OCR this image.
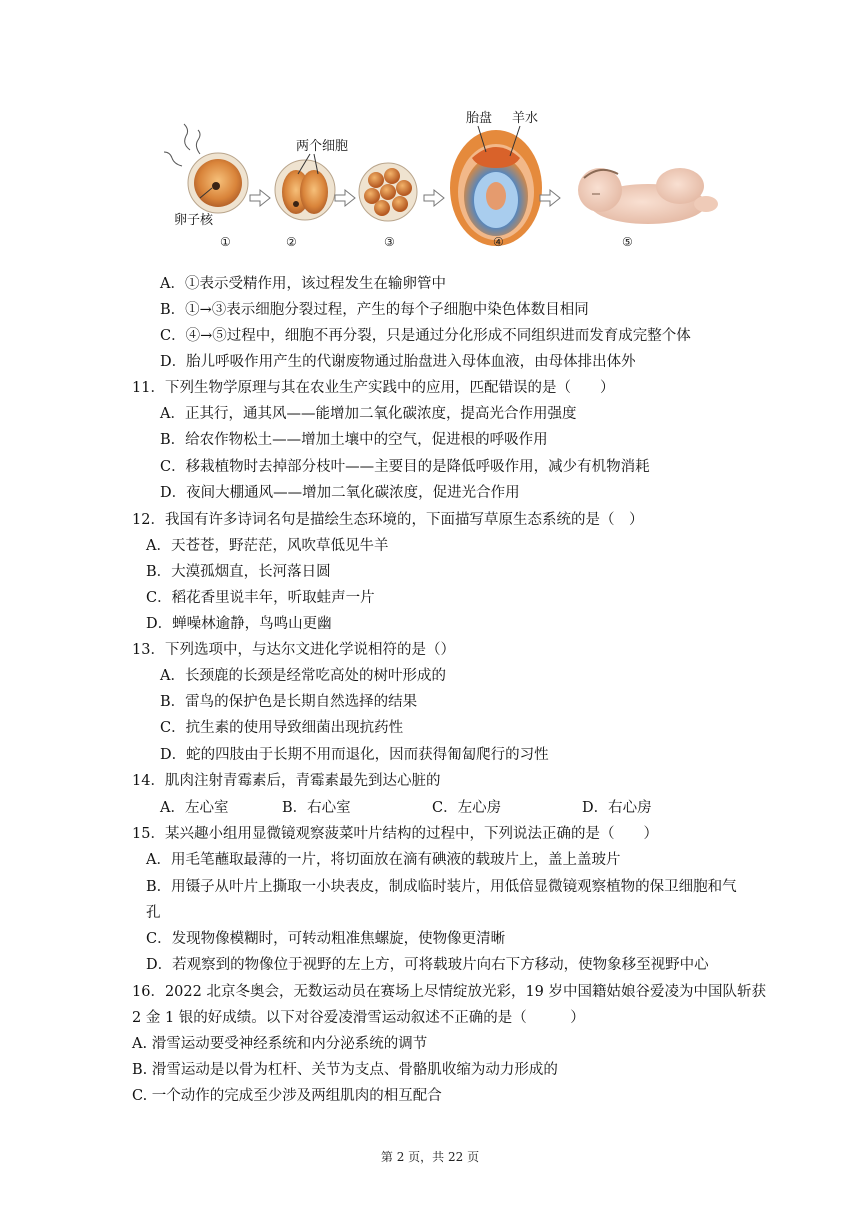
卵子核
两个细胞
胎盘 羊水
①	②	③	④	⑤
A．①表示受精作用，该过程发生在输卵管中
B．①→③表示细胞分裂过程，产生的每个子细胞中染色体数目相同
C．④→⑤过程中，细胞不再分裂，只是通过分化形成不同组织进而发育成完整个体
D．胎儿呼吸作用产生的代谢废物通过胎盘进入母体血液，由母体排出体外
11．下列生物学原理与其在农业生产实践中的应用，匹配错误的是（　　）
A．正其行，通其风——能增加二氧化碳浓度，提高光合作用强度
B．给农作物松土——增加土壤中的空气，促进根的呼吸作用
C．移栽植物时去掉部分枝叶——主要目的是降低呼吸作用，减少有机物消耗
D．夜间大棚通风——增加二氧化碳浓度，促进光合作用
12．我国有许多诗词名句是描绘生态环境的，下面描写草原生态系统的是（　）
A．天苍苍，野茫茫，风吹草低见牛羊
B．大漠孤烟直，长河落日圆
C．稻花香里说丰年，听取蛙声一片
D．蝉噪林逾静，鸟鸣山更幽
13．下列选项中，与达尔文进化学说相符的是（）
A．长颈鹿的长颈是经常吃高处的树叶形成的
B．雷鸟的保护色是长期自然选择的结果
C．抗生素的使用导致细菌出现抗药性
D．蛇的四肢由于长期不用而退化，因而获得匍匐爬行的习性
14．肌肉注射青霉素后，青霉素最先到达心脏的
A．左心室	B．右心室	C．左心房	D．右心房
15．某兴趣小组用显微镜观察菠菜叶片结构的过程中，下列说法正确的是（　　）
A．用毛笔蘸取最薄的一片，将切面放在滴有碘液的载玻片上，盖上盖玻片
B．用镊子从叶片上撕取一小块表皮，制成临时装片，用低倍显微镜观察植物的保卫细胞和气
孔
C．发现物像模糊时，可转动粗准焦螺旋，使物像更清晰
D．若观察到的物像位于视野的左上方，可将载玻片向右下方移动，使物象移至视野中心
16．2022 北京冬奥会，无数运动员在赛场上尽情绽放光彩，19 岁中国籍姑娘谷爱凌为中国队斩获
2 金 1 银的好成绩。以下对谷爱凌滑雪运动叙述不正确的是（　　　）
A. 滑雪运动要受神经系统和内分泌系统的调节
B. 滑雪运动是以骨为杠杆、关节为支点、骨骼肌收缩为动力形成的
C. 一个动作的完成至少涉及两组肌肉的相互配合
第 2 页，共 22 页
